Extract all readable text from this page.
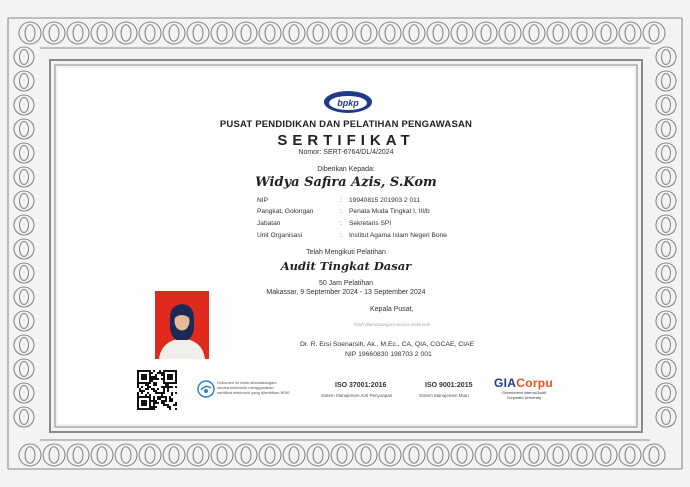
bpkp
PUSAT PENDIDIKAN DAN PELATIHAN PENGAWASAN
SERTIFIKAT
Nomor: SERT-6764/DL/4/2024
Diberikan Kepada:
Widya Safira Azis, S.Kom
NIP	: 19940815 201903 2 011
Pangkat, Golongan	: Penata Muda Tingkat I, III/b
Jabatan	: Sekretaris SPI
Unit Organisasi	: Institut Agama Islam Negeri Bone
Telah Mengikuti Pelatihan
Audit Tingkat Dasar
50 Jam Pelatihan
Makassar, 9 September 2024 - 13 September 2024
Kepala Pusat,
Telah ditandatangani secara elektronik
Dr. R. Ersi Soenarsih, Ak., M.Ec., CA, QIA, CGCAE, CIAE
NIP 19660830 198703 2 001
Dokumen ini telah ditandatangani
secara elektronik menggunakan
sertifikat elektronik yang diterbitkan BSrE
ISO 37001:2016
Sistem Manajemen Anti Penyuapan
ISO 9001:2015
Sistem Manajemen Mutu
GIACorpu
Government Internal Audit
Corporate University
